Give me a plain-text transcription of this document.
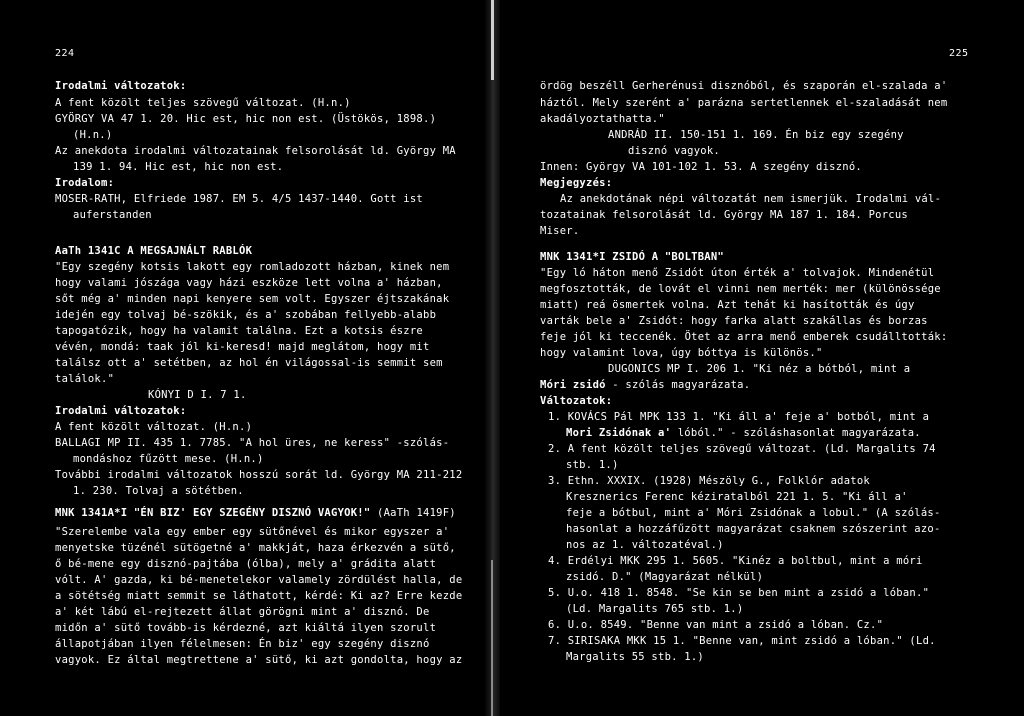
224
Irodalmi változatok:
A fent közölt teljes szövegű változat. (H.n.)
GYÖRGY VA 47 1. 20. Hic est, hic non est. (Üstökös, 1898.)
(H.n.)
Az anekdota irodalmi változatainak felsorolását ld. György MA
139 1. 94. Hic est, hic non est.
Irodalom:
MOSER-RATH, Elfriede 1987. EM 5. 4/5 1437-1440. Gott ist
auferstanden
AaTh 1341C A MEGSAJNÁLT RABLÓK
"Egy szegény kotsis lakott egy romladozott házban, kinek nem
hogy valami jószága vagy házi eszköze lett volna a' házban,
sőt még a' minden napi kenyere sem volt. Egyszer éjtszakának
idején egy tolvaj bé-szökik, és a' szobában fellyebb-alabb
tapogatózik, hogy ha valamit találna. Ezt a kotsis észre
vévén, mondá: taak jól ki-keresd! majd meglátom, hogy mit
találsz ott a' setétben, az hol én világossal-is semmit sem
találok."
KÓNYI D I. 7 1.
Irodalmi változatok:
A fent közölt változat. (H.n.)
BALLAGI MP II. 435 1. 7785. "A hol üres, ne keress" -szólás-
mondáshoz fűzött mese. (H.n.)
További irodalmi változatok hosszú sorát ld. György MA 211-212
1. 230. Tolvaj a sötétben.
MNK 1341A*I "ÉN BIZ' EGY SZEGÉNY DISZNÓ VAGYOK!" (AaTh 1419F)
"Szerelembe vala egy ember egy sütőnével és mikor egyszer a'
menyetske tüzénél sütögetné a' makkját, haza érkezvén a sütő,
ő bé-mene egy disznó-pajtába (ólba), mely a' grádita alatt
vólt. A' gazda, ki bé-menetelekor valamely zördülést halla, de
a sötétség miatt semmit se láthatott, kérdé: Ki az? Erre kezde
a' két lábú el-rejtezett állat görögni mint a' disznó. De
midőn a' sütő tovább-is kérdezné, azt kiáltá ilyen szorult
állapotjában ilyen félelmesen: Én biz' egy szegény disznó
vagyok. Ez által megtrettene a' sütő, ki azt gondolta, hogy az
225
ördög beszéll Gerherénusi disznóból, és szaporán el-szalada a'
háztól. Mely szerént a' parázna sertetlennek el-szaladását nem
akadályoztathatta."
ANDRÁD II. 150-151 1. 169. Én biz egy szegény
disznó vagyok.
Innen: György VA 101-102 1. 53. A szegény disznó.
Megjegyzés:
Az anekdotának népi változatát nem ismerjük. Irodalmi vál-
tozatainak felsorolását ld. György MA 187 1. 184. Porcus
Miser.
MNK 1341*I ZSIDÓ A "BOLTBAN"
"Egy ló háton menő Zsidót úton érték a' tolvajok. Mindenétül
megfosztották, de lovát el vinni nem merték: mer (különössége
miatt) reá ösmertek volna. Azt tehát ki hasították és úgy
varták bele a' Zsidót: hogy farka alatt szakállas és borzas
feje jól ki teccenék. Ötet az arra menő emberek csudálltották:
hogy valamint lova, úgy bóttya is különös."
DUGONICS MP I. 206 1. "Ki néz a bótból, mint a
Móri zsidó - szólás magyarázata.
Változatok:
1. KOVÁCS Pál MPK 133 1. "Ki áll a' feje a' botból, mint a
Mori Zsidónak a' lóból." - szóláshasonlat magyarázata.
2. A fent közölt teljes szövegű változat. (Ld. Margalits 74
stb. 1.)
3. Ethn. XXXIX. (1928) Mészöly G., Folklór adatok
Kresznerics Ferenc kéziratalból 221 1. 5. "Ki áll a'
feje a bótbul, mint a' Móri Zsidónak a lobul." (A szólás-
hasonlat a hozzáfűzött magyarázat csaknem szószerint azo-
nos az 1. változatéval.)
4. Erdélyi MKK 295 1. 5605. "Kinéz a boltbul, mint a móri
zsidó. D." (Magyarázat nélkül)
5. U.o. 418 1. 8548. "Se kin se ben mint a zsidó a lóban."
(Ld. Margalits 765 stb. 1.)
6. U.o. 8549. "Benne van mint a zsidó a lóban. Cz."
7. SIRISAKA MKK 15 1. "Benne van, mint zsidó a lóban." (Ld.
Margalits 55 stb. 1.)
